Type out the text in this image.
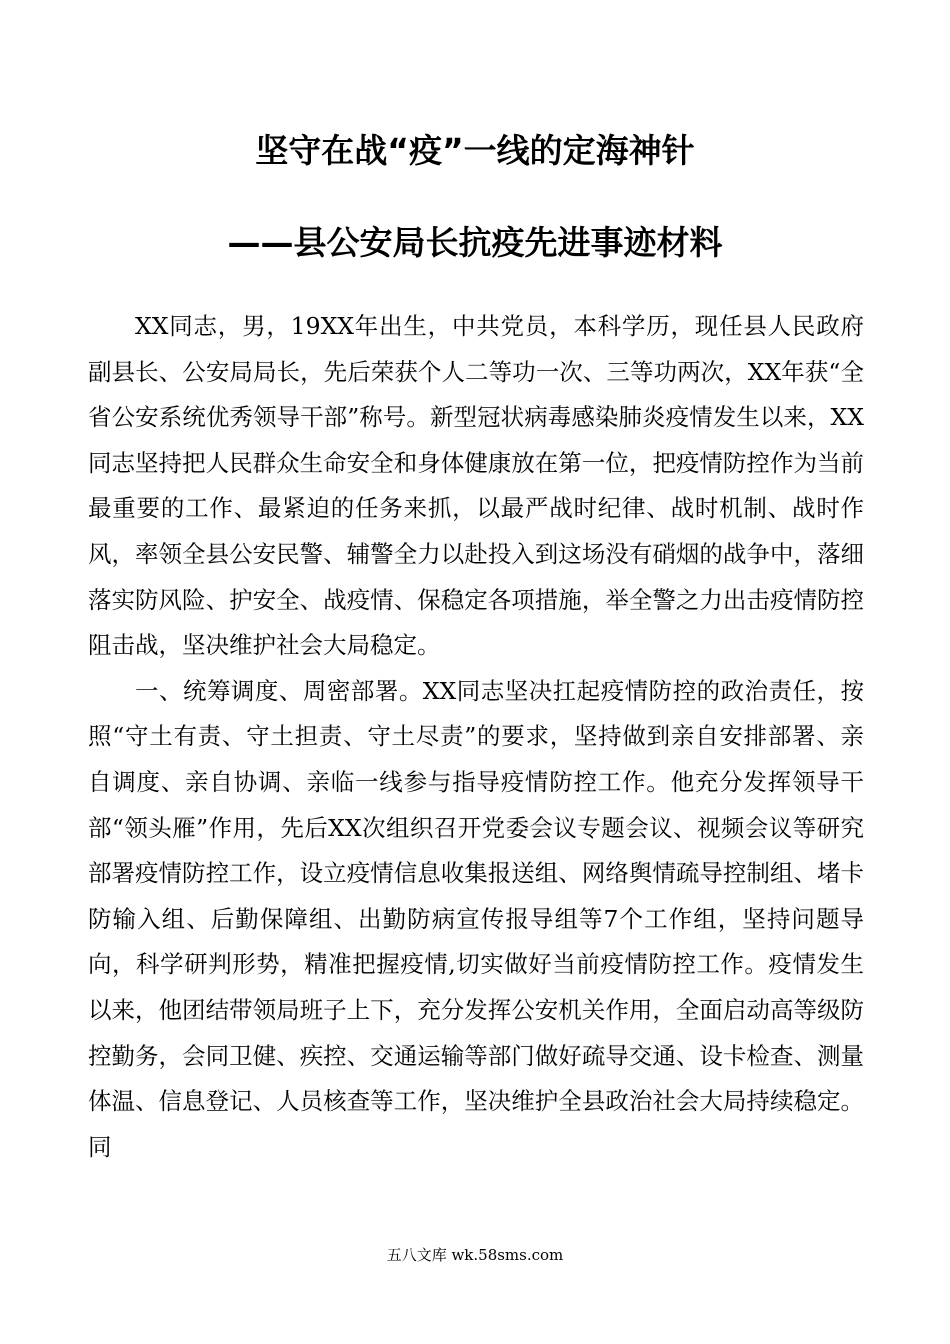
坚守在战“疫”一线的定海神针
——县公安局长抗疫先进事迹材料

XX同志，男，19XX年出生，中共党员，本科学历，现任县人民政府副县长、公安局局长，先后荣获个人二等功一次、三等功两次，XX年获“全省公安系统优秀领导干部”称号。新型冠状病毒感染肺炎疫情发生以来，XX同志坚持把人民群众生命安全和身体健康放在第一位，把疫情防控作为当前最重要的工作、最紧迫的任务来抓，以最严战时纪律、战时机制、战时作风，率领全县公安民警、辅警全力以赴投入到这场没有硝烟的战争中，落细落实防风险、护安全、战疫情、保稳定各项措施，举全警之力出击疫情防控阻击战，坚决维护社会大局稳定。

一、统筹调度、周密部署。XX同志坚决扛起疫情防控的政治责任，按照“守土有责、守土担责、守土尽责”的要求，坚持做到亲自安排部署、亲自调度、亲自协调、亲临一线参与指导疫情防控工作。他充分发挥领导干部“领头雁”作用，先后XX次组织召开党委会议专题会议、视频会议等研究部署疫情防控工作，设立疫情信息收集报送组、网络舆情疏导控制组、堵卡防输入组、后勤保障组、出勤防病宣传报导组等7个工作组，坚持问题导向，科学研判形势，精准把握疫情,切实做好当前疫情防控工作。疫情发生以来，他团结带领局班子上下，充分发挥公安机关作用，全面启动高等级防控勤务，会同卫健、疾控、交通运输等部门做好疏导交通、设卡检查、测量体温、信息登记、人员核查等工作，坚决维护全县政治社会大局持续稳定。同

五八文库 wk.58sms.com
